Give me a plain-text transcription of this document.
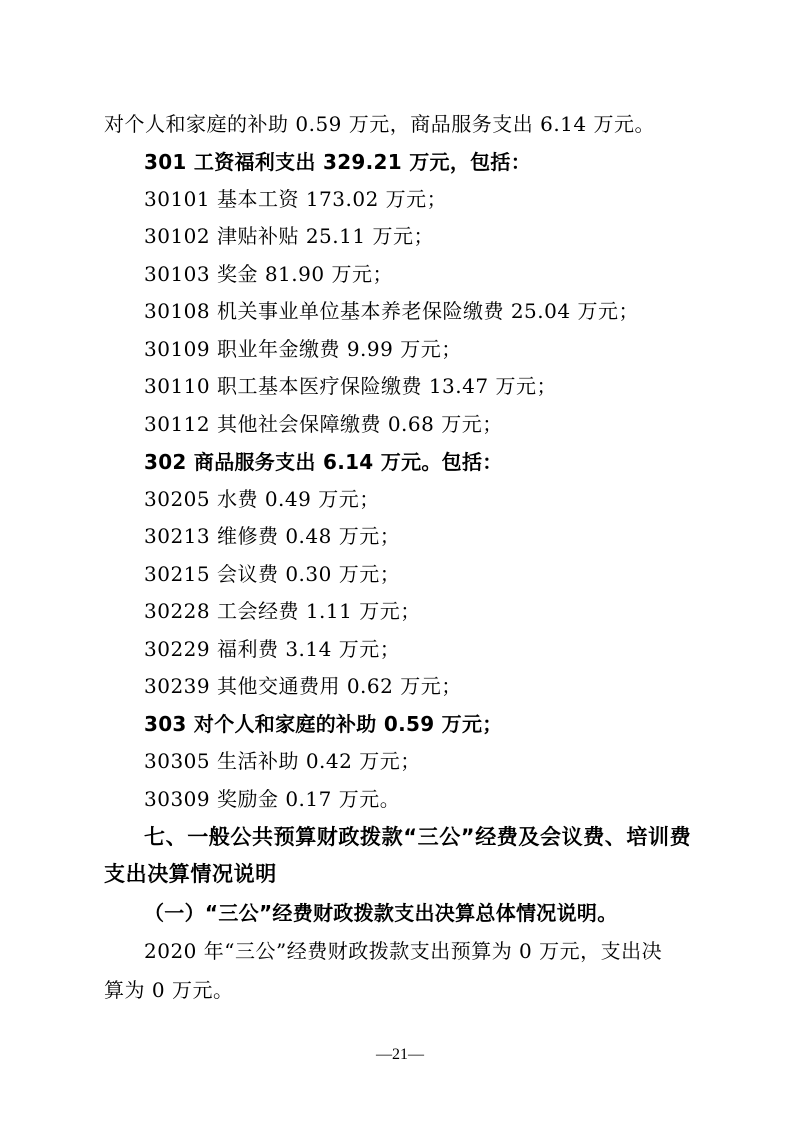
对个人和家庭的补助 0.59 万元，商品服务支出 6.14 万元。
301 工资福利支出 329.21 万元，包括：
30101 基本工资 173.02 万元；
30102 津贴补贴 25.11 万元；
30103 奖金 81.90 万元；
30108 机关事业单位基本养老保险缴费 25.04 万元；
30109 职业年金缴费 9.99 万元；
30110 职工基本医疗保险缴费 13.47 万元；
30112 其他社会保障缴费 0.68 万元；
302 商品服务支出 6.14 万元。包括：
30205 水费 0.49 万元；
30213 维修费 0.48 万元；
30215 会议费 0.30 万元；
30228 工会经费 1.11 万元；
30229 福利费 3.14 万元；
30239 其他交通费用 0.62 万元；
303 对个人和家庭的补助 0.59 万元；
30305 生活补助 0.42 万元；
30309 奖励金 0.17 万元。
七、一般公共预算财政拨款“三公”经费及会议费、培训费
支出决算情况说明
（一）“三公”经费财政拨款支出决算总体情况说明。
2020 年“三公”经费财政拨款支出预算为 0 万元，支出决
算为 0 万元。
—21—
